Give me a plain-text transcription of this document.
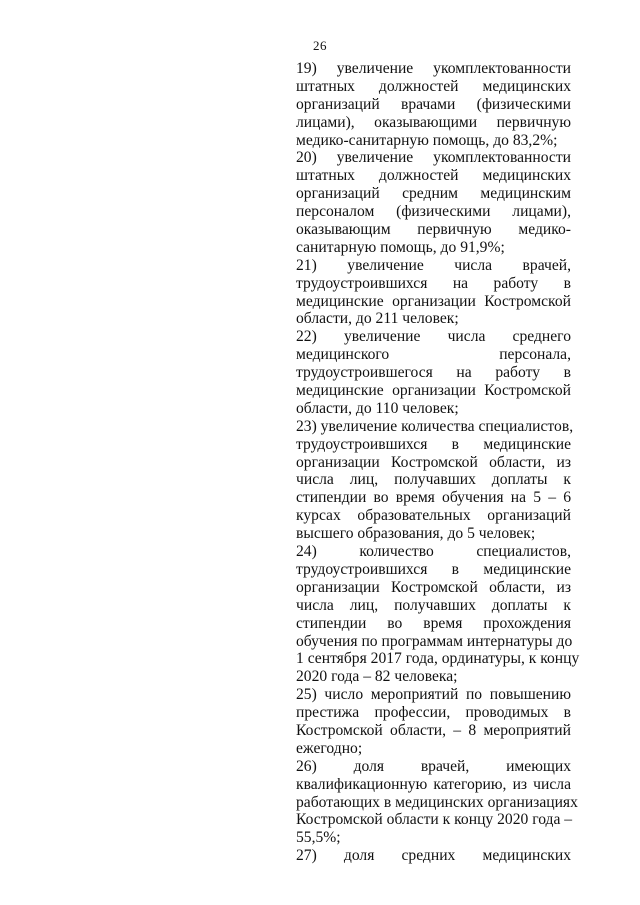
26
19) увеличение укомплектованности
штатных должностей медицинских
организаций врачами (физическими
лицами), оказывающими первичную
медико-санитарную помощь, до 83,2%;
20) увеличение укомплектованности
штатных должностей медицинских
организаций средним медицинским
персоналом (физическими лицами),
оказывающим первичную медико-
санитарную помощь, до 91,9%;
21) увеличение числа врачей,
трудоустроившихся на работу в
медицинские организации Костромской
области, до 211 человек;
22) увеличение числа среднего
медицинского персонала,
трудоустроившегося на работу в
медицинские организации Костромской
области, до 110 человек;
23) увеличение количества специалистов,
трудоустроившихся в медицинские
организации Костромской области, из
числа лиц, получавших доплаты к
стипендии во время обучения на 5 – 6
курсах образовательных организаций
высшего образования, до 5 человек;
24) количество специалистов,
трудоустроившихся в медицинские
организации Костромской области, из
числа лиц, получавших доплаты к
стипендии во время прохождения
обучения по программам интернатуры до
1 сентября 2017 года, ординатуры, к концу
2020 года – 82 человека;
25) число мероприятий по повышению
престижа профессии, проводимых в
Костромской области, – 8 мероприятий
ежегодно;
26) доля врачей, имеющих
квалификационную категорию, из числа
работающих в медицинских организациях
Костромской области к концу 2020 года –
55,5%;
27) доля средних медицинских
